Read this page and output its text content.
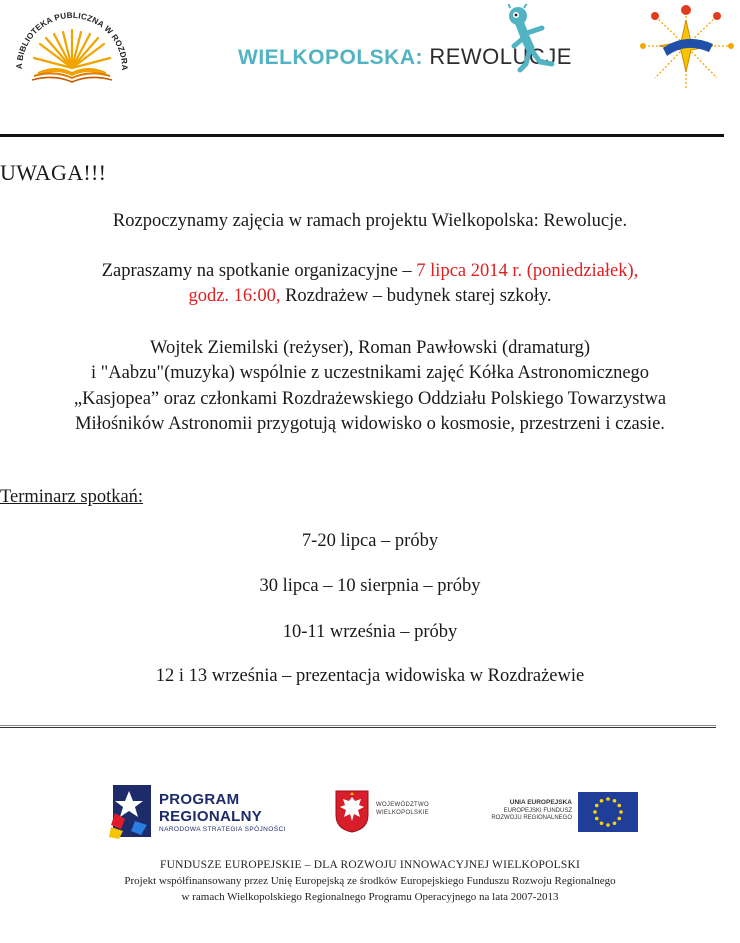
A BIBLIOTEKA PUBLICZNA W ROZDRA	WIELKOPOLSKA: REWOLUCJE
UWAGA!!!
Rozpoczynamy zajęcia w ramach projektu Wielkopolska: Rewolucje.
Zapraszamy na spotkanie organizacyjne – 7 lipca 2014 r. (poniedziałek),
godz. 16:00, Rozdrażew – budynek starej szkoły.
Wojtek Ziemilski (reżyser), Roman Pawłowski (dramaturg)
i "Aabzu"(muzyka) wspólnie z uczestnikami zajęć Kółka Astronomicznego
„Kasjopea” oraz członkami Rozdrażewskiego Oddziału Polskiego Towarzystwa
Miłośników Astronomii przygotują widowisko o kosmosie, przestrzeni i czasie.
Terminarz spotkań:
7-20 lipca – próby
30 lipca – 10 sierpnia – próby
10-11 września – próby
12 i 13 września – prezentacja widowiska w Rozdrażewie
PROGRAM
REGIONALNY
NARODOWA STRATEGIA SPÓJNOŚCI
WOJEWÓDZTWO
WIELKOPOLSKIE
UNIA EUROPEJSKA
EUROPEJSKI FUNDUSZ
ROZWOJU REGIONALNEGO
FUNDUSZE EUROPEJSKIE – DLA ROZWOJU INNOWACYJNEJ WIELKOPOLSKI
Projekt współfinansowany przez Unię Europejską ze środków Europejskiego Funduszu Rozwoju Regionalnego
w ramach Wielkopolskiego Regionalnego Programu Operacyjnego na lata 2007-2013
